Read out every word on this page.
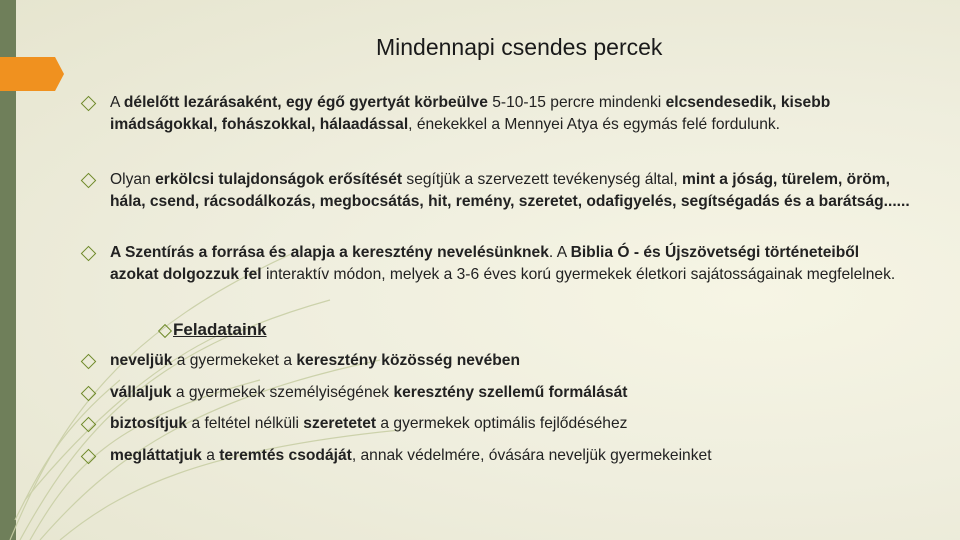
Mindennapi csendes percek
A délelőtt lezárásaként, egy égő gyertyát körbeülve 5-10-15 percre mindenki elcsendesedik, kisebb imádságokkal, fohászokkal, hálaadással, énekekkel a Mennyei Atya és egymás felé fordulunk.
Olyan erkölcsi tulajdonságok erősítését segítjük a szervezett tevékenység által, mint a jóság, türelem, öröm, hála, csend, rácsodálkozás, megbocsátás, hit, remény, szeretet, odafigyelés, segítségadás és a barátság......
A Szentírás a forrása és alapja a keresztény nevelésünknek. A Biblia Ó - és Újszövetségi történeteiből azokat dolgozzuk fel interaktív módon, melyek a 3-6 éves korú gyermekek életkori sajátosságainak megfelelnek.
Feladataink
neveljük a gyermekeket a keresztény közösség nevében
vállaljuk a gyermekek személyiségének keresztény szellemű formálását
biztosítjuk a feltétel nélküli szeretetet a gyermekek optimális fejlődéséhez
megláttatjuk a teremtés csodáját, annak védelmére, óvására neveljük gyermekeinket
